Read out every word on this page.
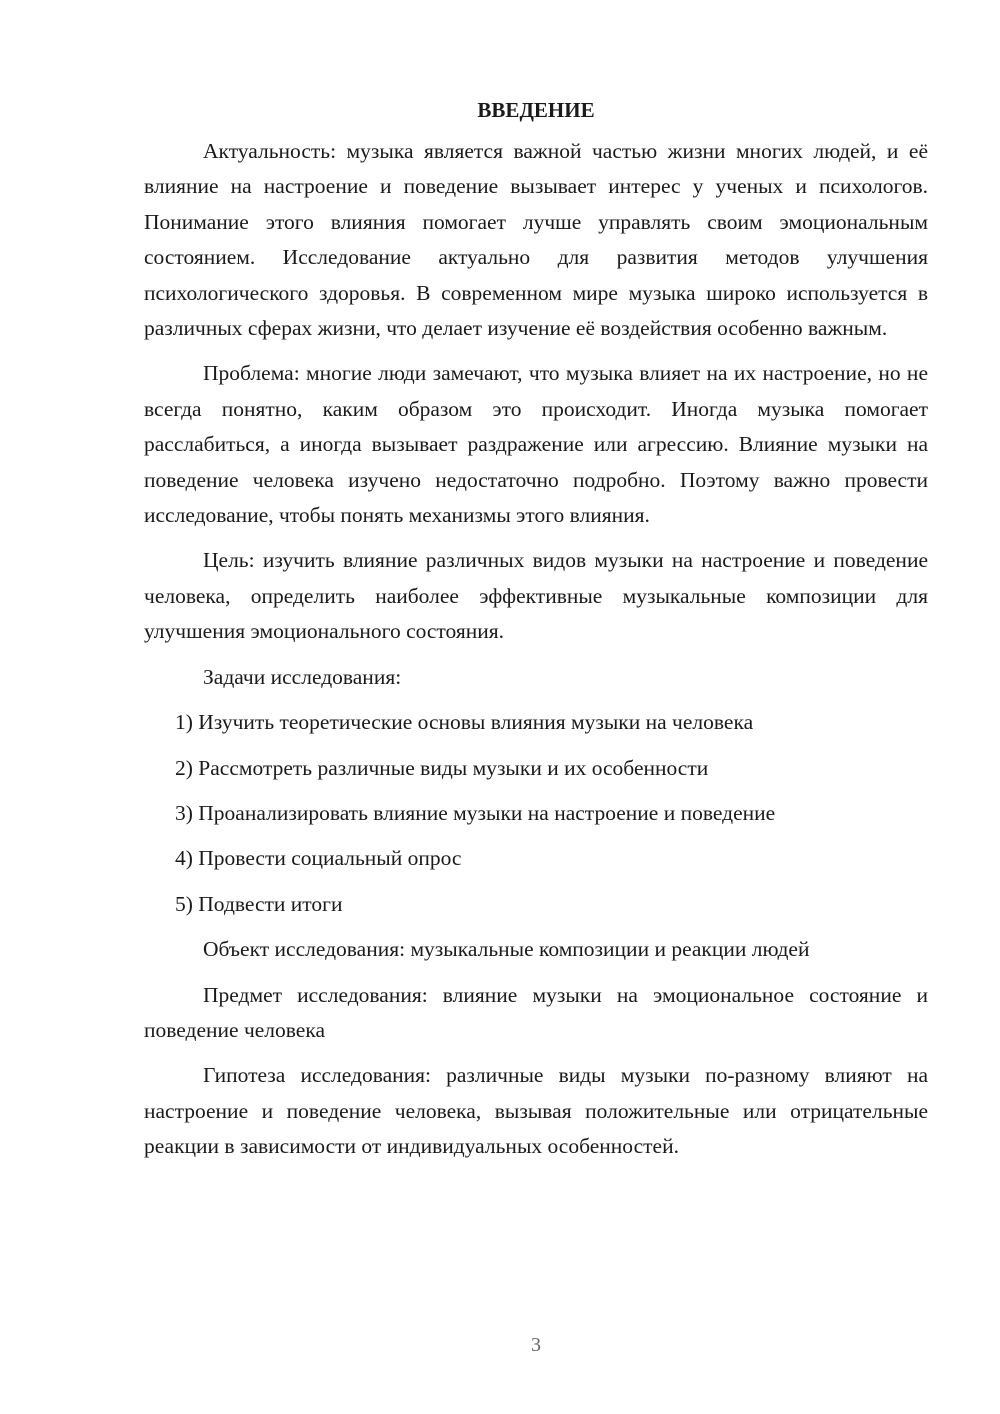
ВВЕДЕНИЕ

Актуальность: музыка является важной частью жизни многих людей, и её влияние на настроение и поведение вызывает интерес у ученых и психологов. Понимание этого влияния помогает лучше управлять своим эмоциональным состоянием. Исследование актуально для развития методов улучшения психологического здоровья. В современном мире музыка широко используется в различных сферах жизни, что делает изучение её воздействия особенно важным.

Проблема: многие люди замечают, что музыка влияет на их настроение, но не всегда понятно, каким образом это происходит. Иногда музыка помогает расслабиться, а иногда вызывает раздражение или агрессию. Влияние музыки на поведение человека изучено недостаточно подробно. Поэтому важно провести исследование, чтобы понять механизмы этого влияния.

Цель: изучить влияние различных видов музыки на настроение и поведение человека, определить наиболее эффективные музыкальные композиции для улучшения эмоционального состояния.

Задачи исследования:

1) Изучить теоретические основы влияния музыки на человека
2) Рассмотреть различные виды музыки и их особенности
3) Проанализировать влияние музыки на настроение и поведение
4) Провести социальный опрос
5) Подвести итоги

Объект исследования: музыкальные композиции и реакции людей

Предмет исследования: влияние музыки на эмоциональное состояние и поведение человека

Гипотеза исследования: различные виды музыки по-разному влияют на настроение и поведение человека, вызывая положительные или отрицательные реакции в зависимости от индивидуальных особенностей.

3
